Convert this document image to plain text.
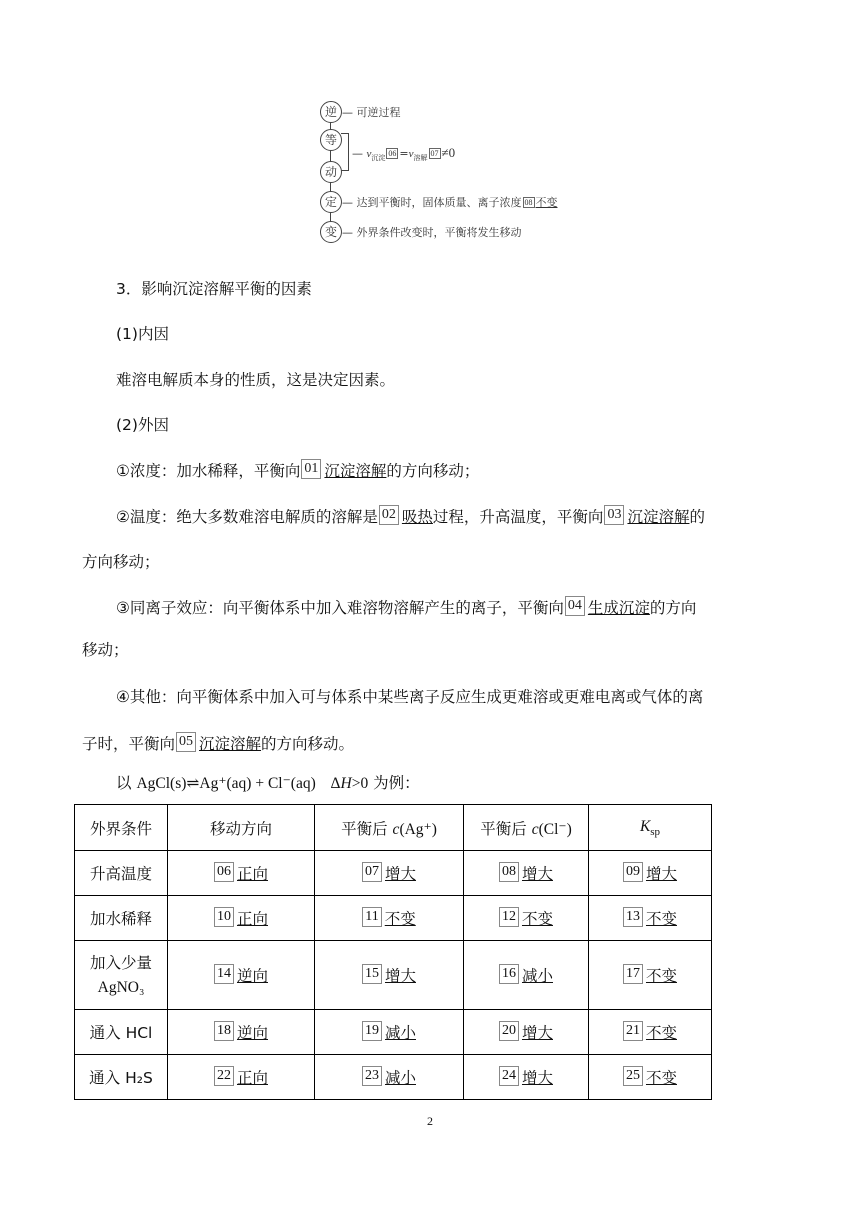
逆
等
动
定
变
— 可逆过程
— $v_{沉淀}06 =v_{溶解}07 \ne 0$
— 达到平衡时，固体质量、离子浓度 08 不变
— 外界条件改变时，平衡将发生移动
3．影响沉淀溶解平衡的因素
(1)内因
难溶电解质本身的性质，这是决定因素。
(2)外因
①浓度：加水稀释，平衡向 01 沉淀溶解的方向移动；
②温度：绝大多数难溶电解质的溶解是 02 吸热过程，升高温度，平衡向 03 沉淀溶解的
方向移动；
③同离子效应：向平衡体系中加入难溶物溶解产生的离子，平衡向 04 生成沉淀的方向
移动；
④其他：向平衡体系中加入可与体系中某些离子反应生成更难溶或更难电离或气体的离
子时，平衡向 05 沉淀溶解的方向移动。
以 AgCl(s)⇌Ag⁺(aq) + Cl⁻(aq) ΔH>0 为例：
外界条件	移动方向	平衡后 c(Ag⁺)	平衡后 c(Cl⁻)	$K_{sp}$
升高温度	06 正向	07 增大	08 增大	09 增大
加水稀释	10 正向	11 不变	12 不变	13 不变
加入少量
AgNO₃	14 逆向	15 增大	16 减小	17 不变
通入 HCl	18 逆向	19 减小	20 增大	21 不变
通入 H₂S	22 正向	23 减小	24 增大	25 不变
2
